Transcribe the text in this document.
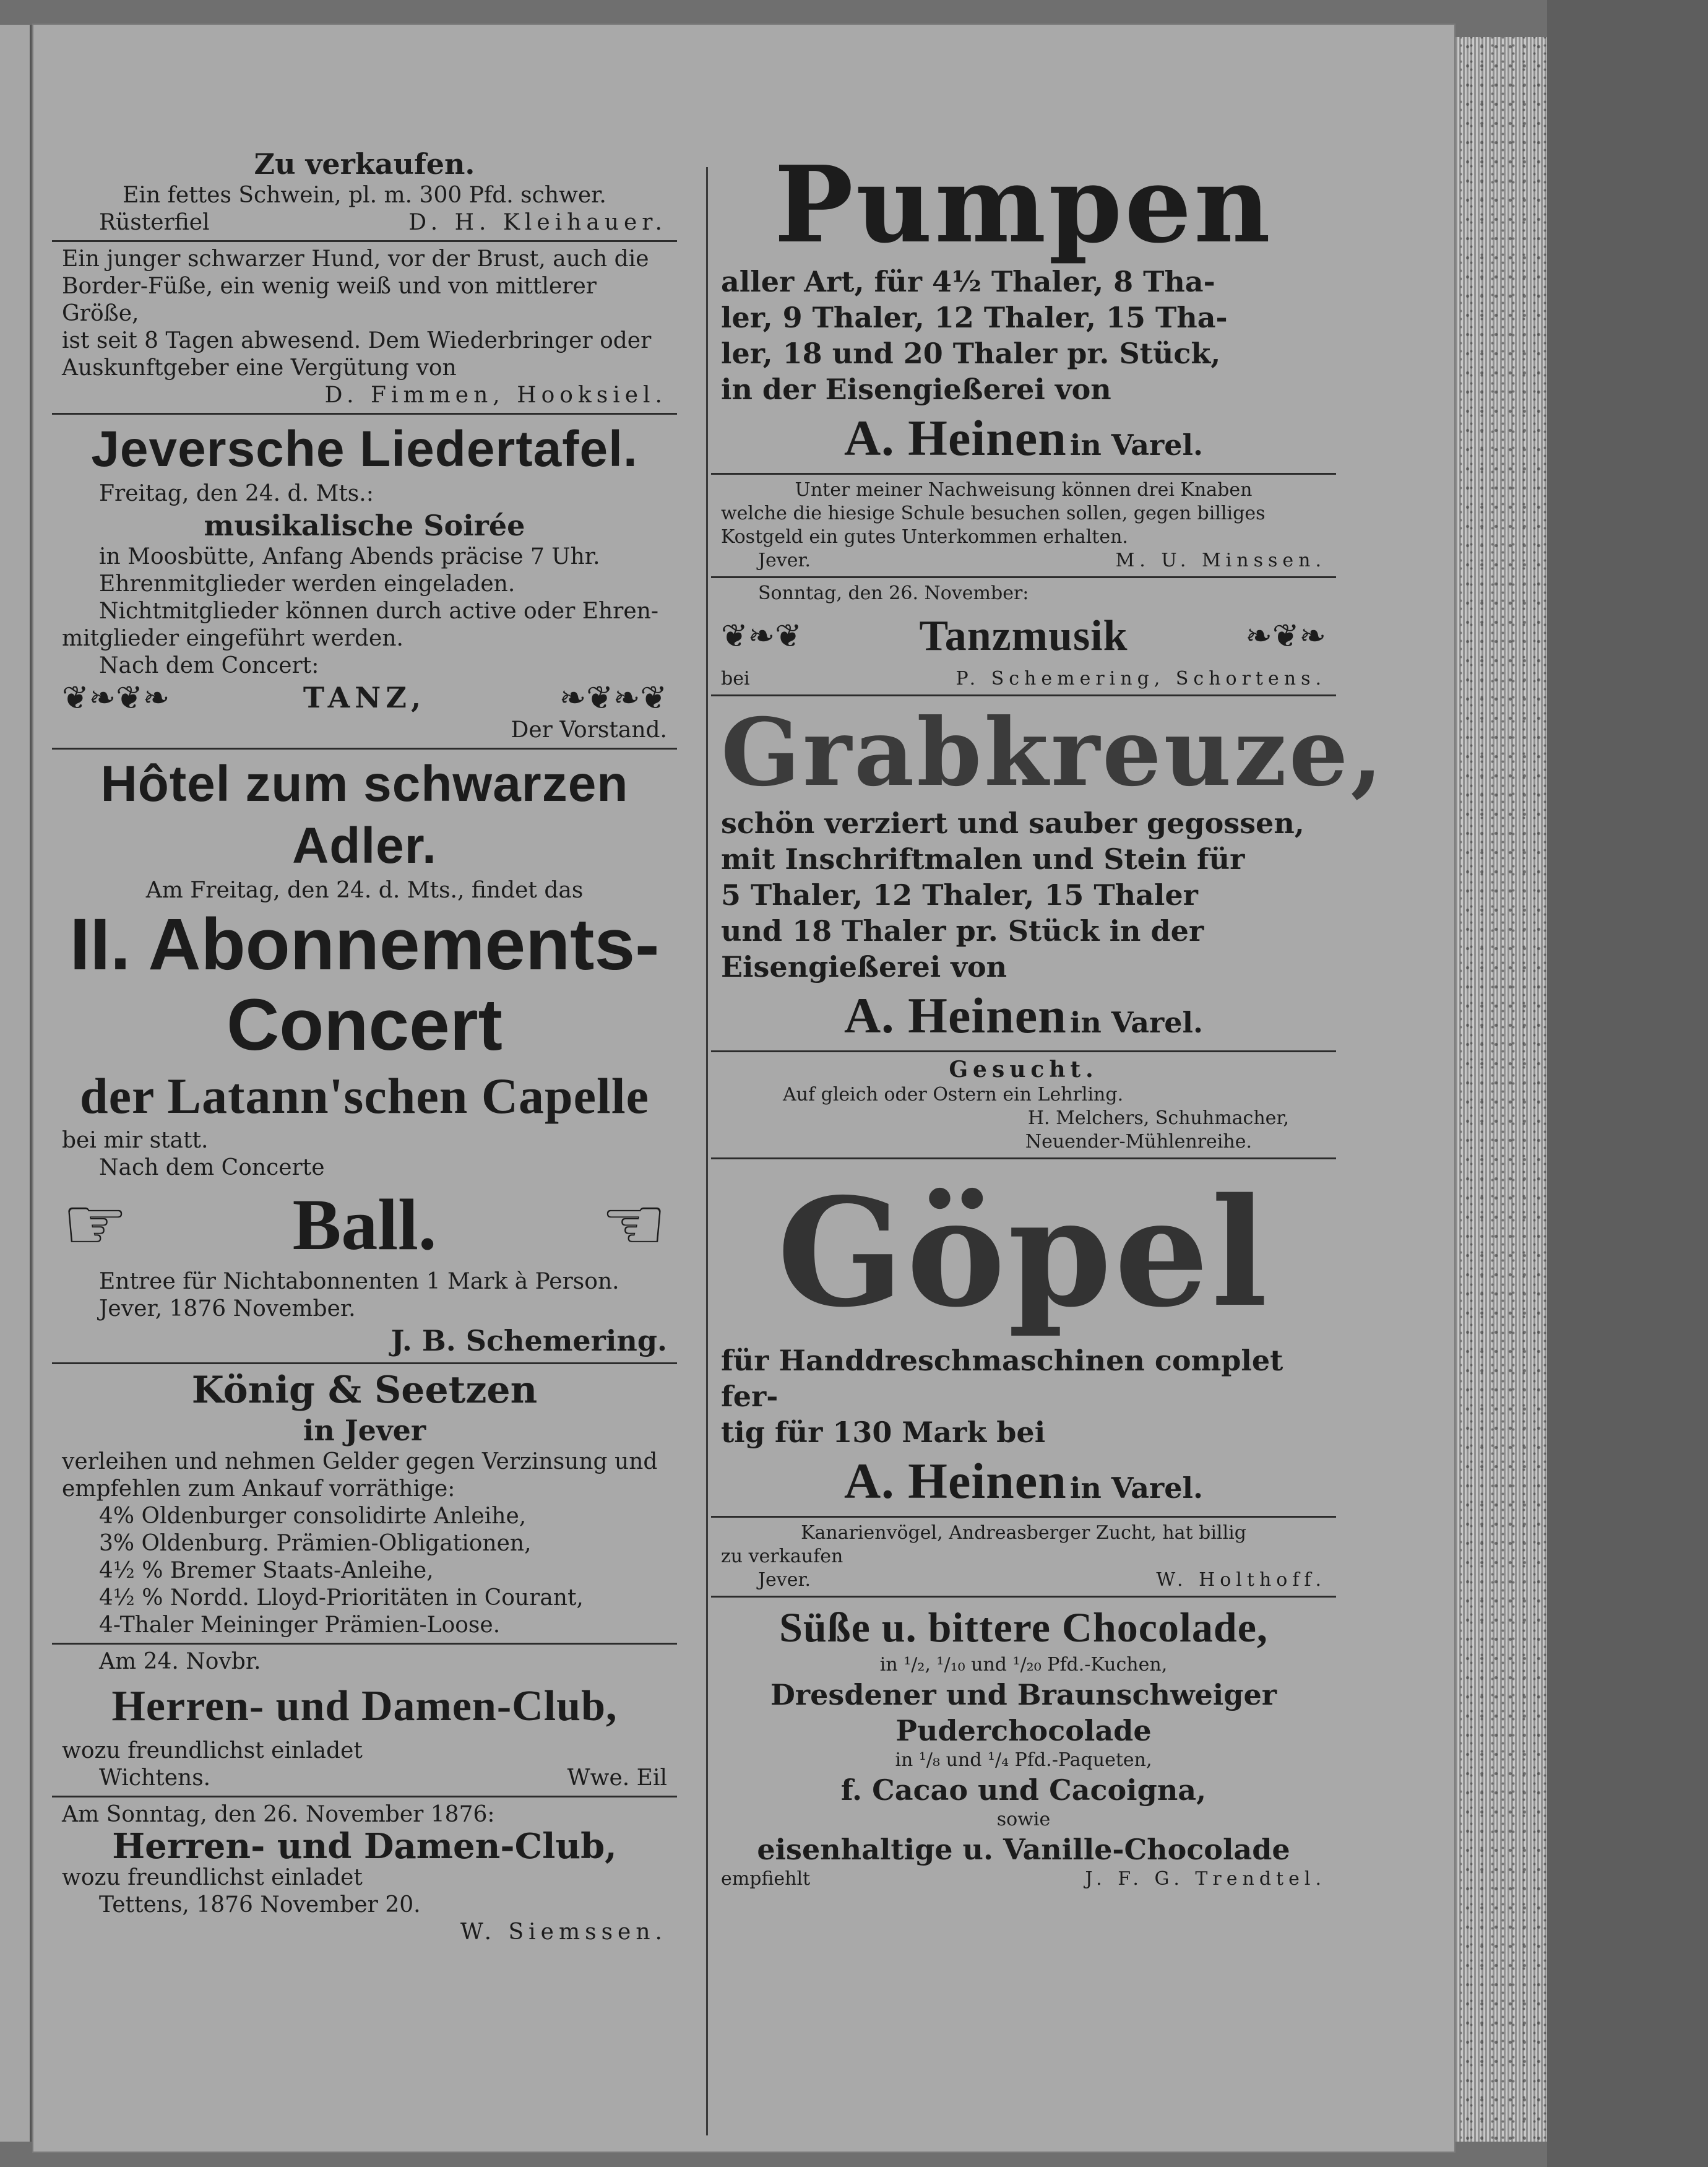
Zu verkaufen.
Ein fettes Schwein, pl. m. 300 Pfd. schwer.
Rüsterfiel	D. H. Kleihauer.
Ein junger schwarzer Hund, vor der Brust, auch die
Border-Füße, ein wenig weiß und von mittlerer Größe,
ist seit 8 Tagen abwesend. Dem Wiederbringer oder
Auskunftgeber eine Vergütung von
D. Fimmen, Hooksiel.
Jeversche Liedertafel.
Freitag, den 24. d. Mts.:
musikalische Soirée
in Moosbütte, Anfang Abends präcise 7 Uhr.
Ehrenmitglieder werden eingeladen.
Nichtmitglieder können durch active oder Ehren-
mitglieder eingeführt werden.
Nach dem Concert:
❦❧❦❧	TANZ,	❧❦❧❦
Der Vorstand.
Hôtel zum schwarzen Adler.
Am Freitag, den 24. d. Mts., findet das
II. Abonnements-
Concert
der Latann'schen Capelle
bei mir statt.
Nach dem Concerte
☞ Ball. ☜
Entree für Nichtabonnenten 1 Mark à Person.
Jever, 1876 November.
J. B. Schemering.
König & Seetzen
in Jever
verleihen und nehmen Gelder gegen Verzinsung und
empfehlen zum Ankauf vorräthige:
4% Oldenburger consolidirte Anleihe,
3% Oldenburg. Prämien-Obligationen,
4½ % Bremer Staats-Anleihe,
4½ % Nordd. Lloyd-Prioritäten in Courant,
4-Thaler Meininger Prämien-Loose.
Am 24. Novbr.
Herren- und Damen-Club,
wozu freundlichst einladet
Wichtens.	Wwe. Eil
Am Sonntag, den 26. November 1876:
Herren- und Damen-Club,
wozu freundlichst einladet
Tettens, 1876 November 20.
W. Siemssen.
Pumpen
aller Art, für 4½ Thaler, 8 Tha-
ler, 9 Thaler, 12 Thaler, 15 Tha-
ler, 18 und 20 Thaler pr. Stück,
in der Eisengießerei von
A. Heinen in Varel.
Unter meiner Nachweisung können drei Knaben
welche die hiesige Schule besuchen sollen, gegen billiges
Kostgeld ein gutes Unterkommen erhalten.
Jever.	M. U. Minssen.
Sonntag, den 26. November:
❦❧❦	Tanzmusik	❧❦❧
bei	P. Schemering, Schortens.
Grabkreuze,
schön verziert und sauber gegossen,
mit Inschriftmalen und Stein für
5 Thaler, 12 Thaler, 15 Thaler
und 18 Thaler pr. Stück in der
Eisengießerei von
A. Heinen in Varel.
Gesucht.
Auf gleich oder Ostern ein Lehrling.
H. Melchers, Schuhmacher,
Neuender-Mühlenreihe.
Göpel
für Handdreschmaschinen complet fer-
tig für 130 Mark bei
A. Heinen in Varel.
Kanarienvögel, Andreasberger Zucht, hat billig
zu verkaufen
Jever.	W. Holthoff.
Süße u. bittere Chocolade,
in ¹/₂, ¹/₁₀ und ¹/₂₀ Pfd.-Kuchen,
Dresdener und Braunschweiger
Puderchocolade
in ¹/₈ und ¹/₄ Pfd.-Paqueten,
f. Cacao und Cacoigna,
sowie
eisenhaltige u. Vanille-Chocolade
empfiehlt	J. F. G. Trendtel.
